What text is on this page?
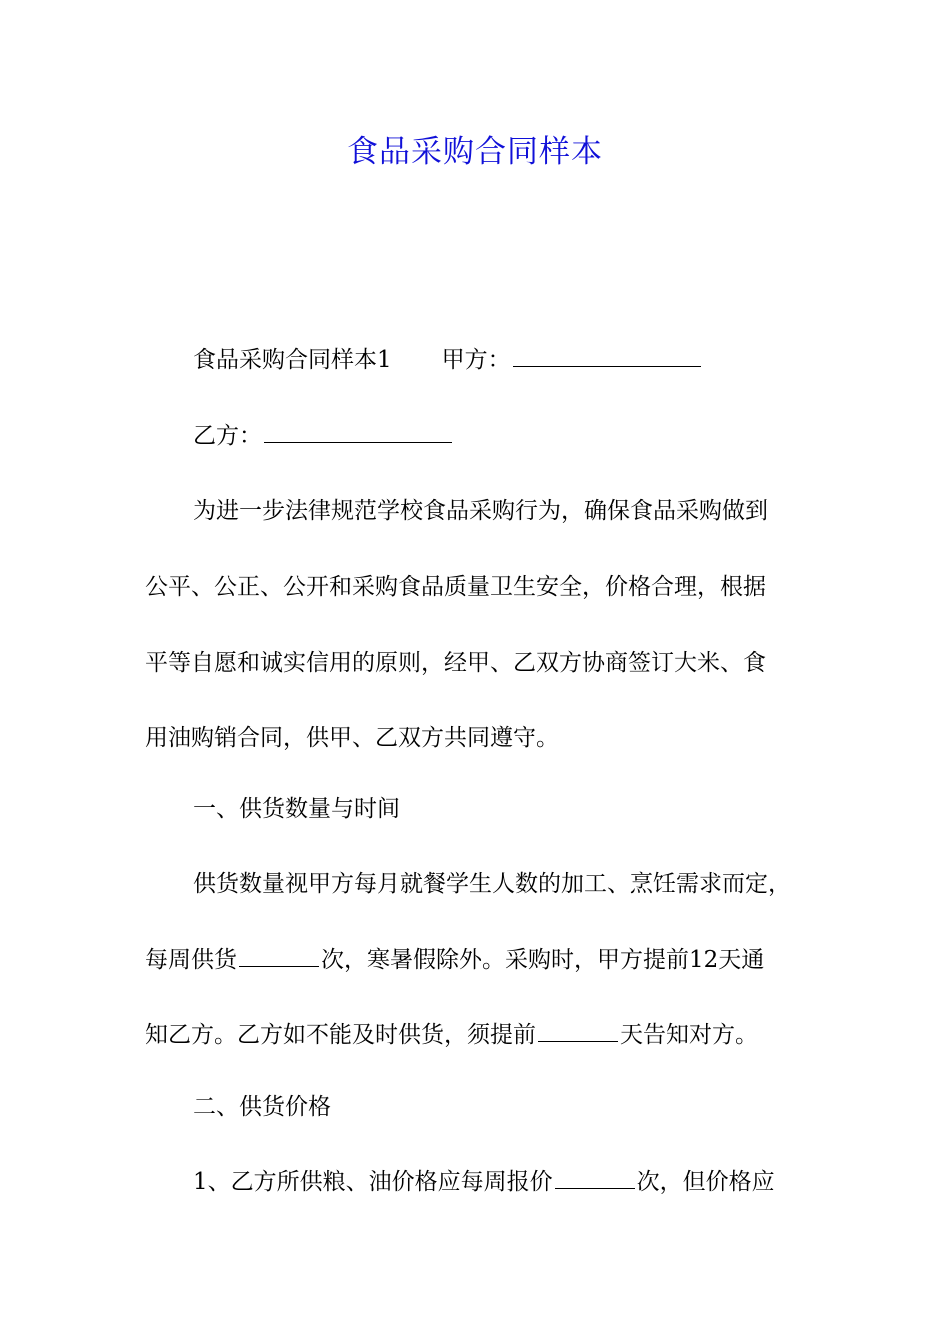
食品采购合同样本
食品采购合同样本1 甲方：
乙方：
为进一步法律规范学校食品采购行为，确保食品采购做到
公平、公正、公开和采购食品质量卫生安全，价格合理，根据
平等自愿和诚实信用的原则，经甲、乙双方协商签订大米、食
用油购销合同，供甲、乙双方共同遵守。
一、供货数量与时间
供货数量视甲方每月就餐学生人数的加工、烹饪需求而定，
每周供货	次，寒暑假除外。采购时，甲方提前12天通
知乙方。乙方如不能及时供货，须提前	天告知对方。
二、供货价格
1、乙方所供粮、油价格应每周报价	次，但价格应
